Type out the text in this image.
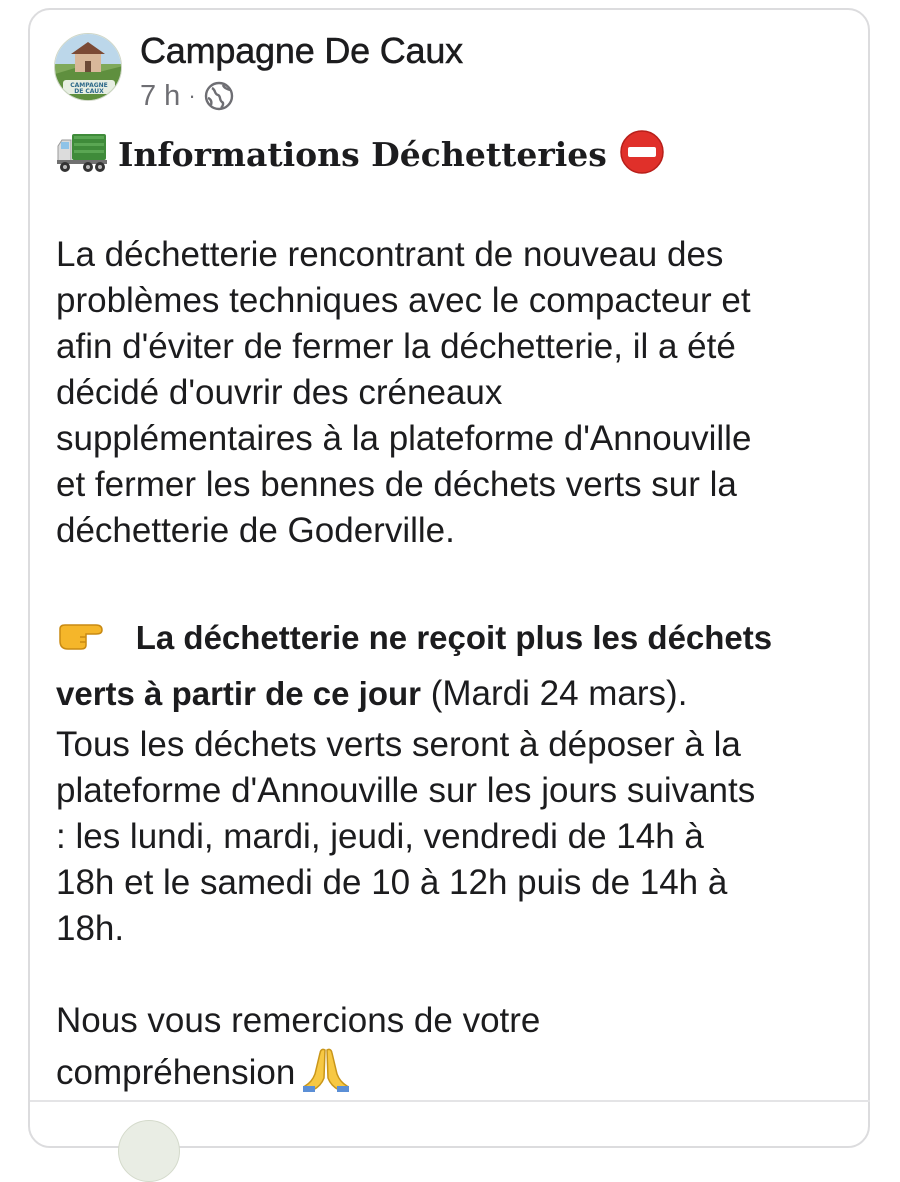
CAMPAGNE
DE CAUX
Campagne De Caux
7 h ·
Informations Déchetteries

La déchetterie rencontrant de nouveau des
problèmes techniques avec le compacteur et
afin d'éviter de fermer la déchetterie, il a été
décidé d'ouvrir des créneaux
supplémentaires à la plateforme d'Annouville
et fermer les bennes de déchets verts sur la
déchetterie de Goderville.

La déchetterie ne reçoit plus les déchets
verts à partir de ce jour (Mardi 24 mars).

Tous les déchets verts seront à déposer à la
plateforme d'Annouville sur les jours suivants
: les lundi, mardi, jeudi, vendredi de 14h à
18h et le samedi de 10 à 12h puis de 14h à
18h.

Nous vous remercions de votre
compréhension
